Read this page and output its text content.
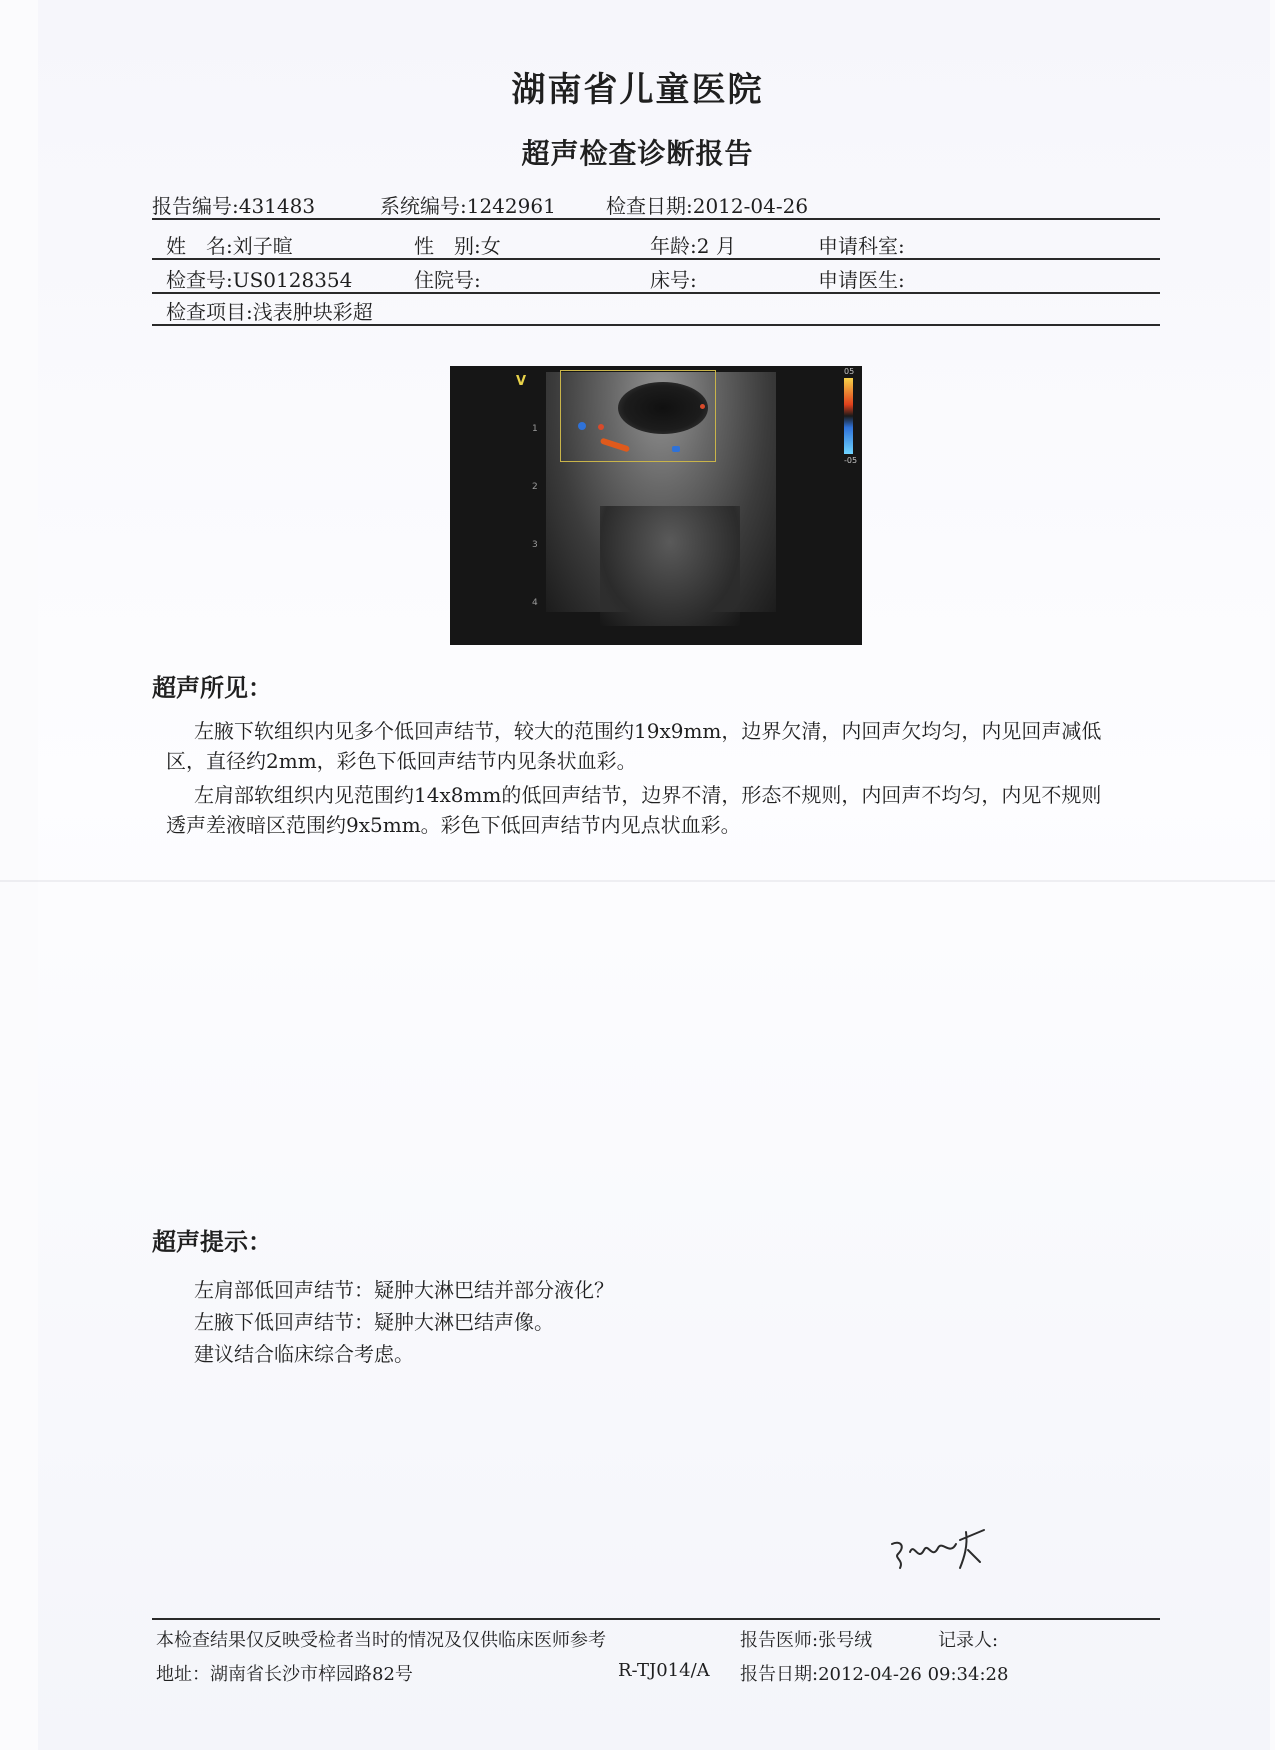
湖南省儿童医院
超声检查诊断报告
报告编号:431483	系统编号:1242961	检查日期:2012-04-26
姓　名:刘子暄	性　别:女	年龄:2 月	申请科室:
检查号:US0128354	住院号:	床号:	申请医生:
检查项目:浅表肿块彩超
V
1
2
3
4
05
-05
超声所见：
左腋下软组织内见多个低回声结节，较大的范围约19x9mm，边界欠清，内回声欠均匀，内见回声减低区，直径约2mm，彩色下低回声结节内见条状血彩。
左肩部软组织内见范围约14x8mm的低回声结节，边界不清，形态不规则，内回声不均匀，内见不规则透声差液暗区范围约9x5mm。彩色下低回声结节内见点状血彩。
超声提示：
左肩部低回声结节：疑肿大淋巴结并部分液化？
左腋下低回声结节：疑肿大淋巴结声像。
建议结合临床综合考虑。
本检查结果仅反映受检者当时的情况及仅供临床医师参考	报告医师:张号绒	记录人:
地址：湖南省长沙市梓园路82号	R-TJ014/A 报告日期:2012-04-26 09:34:28
